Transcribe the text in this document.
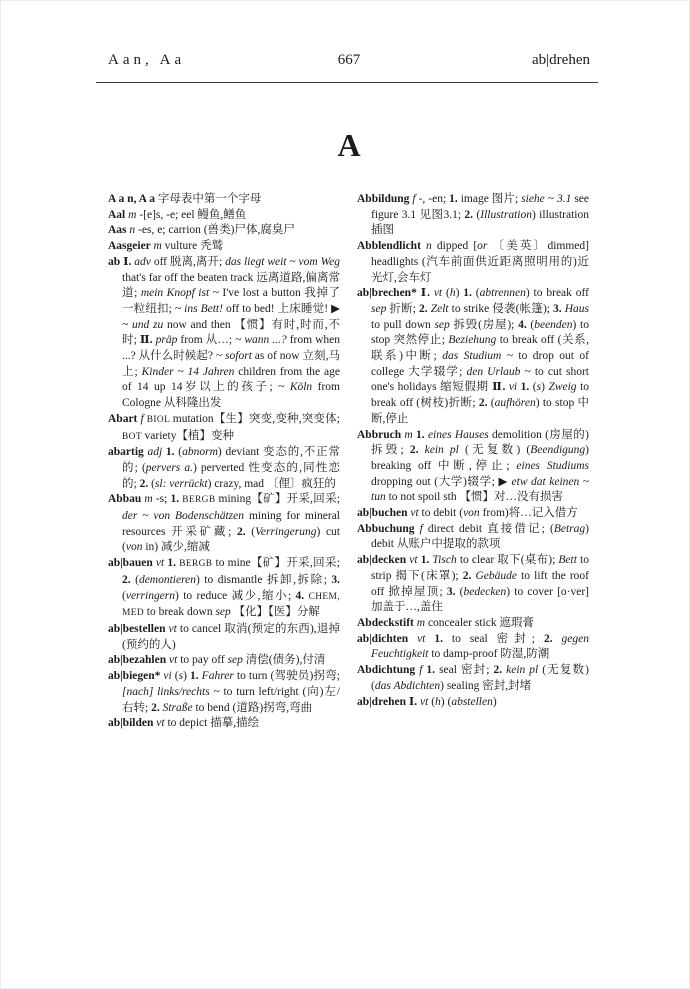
Aan, Aa	667	ab|drehen
A

A a n, A a 字母表中第一个字母

Aal m -[e]s, -e; eel 鳗鱼,鳝鱼

Aas n -es, e; carrion (兽类)尸体,腐臭尸

Aasgeier m vulture 秃鹫

ab Ⅰ. adv off 脱离,离开; das liegt weit ~ vom Weg that's far off the beaten track 远离道路,偏离常道; mein Knopf ist ~ I've lost a button 我掉了一粒纽扣; ~ ins Bett! off to bed! 上床睡觉! ▶ ~ und zu now and then 【惯】有时,时而,不时; Ⅱ. präp from 从…; ~ wann ...? from when ...? 从什么时候起? ~ sofort as of now 立刻,马上; Kinder ~ 14 Jahren children from the age of 14 up 14岁以上的孩子; ~ Köln from Cologne 从科隆出发

Abart f BIOL mutation【生】突变,变种,突变体; BOT variety【植】变种

abartig adj 1. (abnorm) deviant 变态的,不正常的; (pervers a.) perverted 性变态的,同性恋的; 2. (sl: verrückt) crazy, mad 〔俚〕疯狂的

Abbau m -s; 1. BERGB mining【矿】开采,回采; der ~ von Bodenschätzen mining for mineral resources 开采矿藏; 2. (Verringerung) cut (von in) 减少,缩减

ab|bauen vt 1. BERGB to mine【矿】开采,回采; 2. (demontieren) to dismantle 拆卸,拆除; 3. (verringern) to reduce 减少,缩小; 4. CHEM, MED to break down sep 【化】【医】分解

ab|bestellen vt to cancel 取消(预定的东西),退掉(预约的人)

ab|bezahlen vt to pay off sep 清偿(债务),付清

ab|biegen* vi (s) 1. Fahrer to turn (驾驶员)拐弯; [nach] links/rechts ~ to turn left/right (向)左/右转; 2. Straße to bend (道路)拐弯,弯曲

ab|bilden vt to depict 描摹,描绘

Abbildung f -, -en; 1. image 图片; siehe ~ 3.1 see figure 3.1 见图3.1; 2. (Illustration) illustration 插图

Abblendlicht n dipped [or 〔美英〕dimmed] headlights (汽车前面供近距离照明用的)近光灯,会车灯

ab|brechen* Ⅰ. vt (h) 1. (abtrennen) to break off sep 折断; 2. Zelt to strike 侵袭(帐篷); 3. Haus to pull down sep 拆毁(房屋); 4. (beenden) to stop 突然停止; Beziehung to break off (关系,联系)中断; das Studium ~ to drop out of college 大学辍学; den Urlaub ~ to cut short one's holidays 缩短假期 Ⅱ. vi 1. (s) Zweig to break off (树枝)折断; 2. (aufhören) to stop 中断,停止

Abbruch m 1. eines Hauses demolition (房屋的)拆毁; 2. kein pl (无复数) (Beendigung) breaking off 中断,停止; eines Studiums dropping out (大学)辍学; ▶ etw dat keinen ~ tun to not spoil sth 【惯】对…没有损害

ab|buchen vt to debit (von from)将…记入借方

Abbuchung f direct debit 直接借记; (Betrag) debit 从账户中提取的款项

ab|decken vt 1. Tisch to clear 取下(桌布); Bett to strip 揭下(床罩); 2. Gebäude to lift the roof off 掀掉屋顶; 3. (bedecken) to cover [o·ver] 加盖于…,盖住

Abdeckstift m concealer stick 遮瑕膏

ab|dichten vt 1. to seal 密封; 2. gegen Feuchtigkeit to damp-proof 防湿,防潮

Abdichtung f 1. seal 密封; 2. kein pl (无复数) (das Abdichten) sealing 密封,封堵

ab|drehen Ⅰ. vt (h) (abstellen)
